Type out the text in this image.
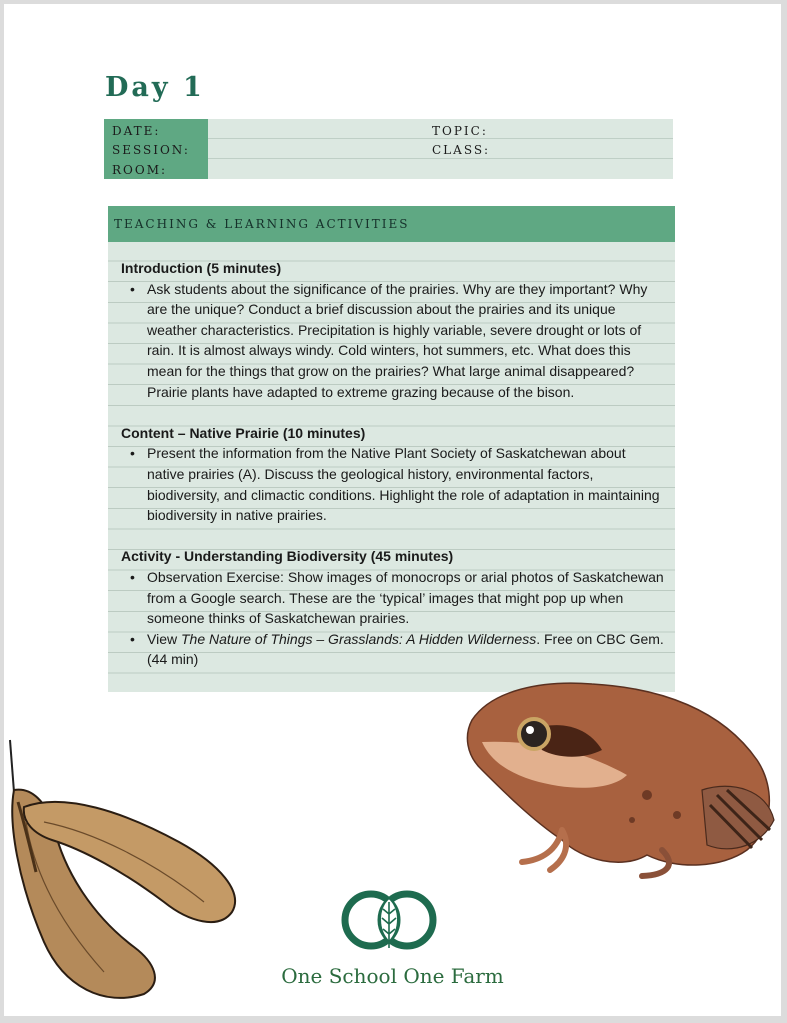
Day 1
DATE:
SESSION:
ROOM:
TOPIC:
CLASS:
TEACHING & LEARNING ACTIVITIES

Introduction (5 minutes)

• Ask students about the significance of the prairies. Why are they important? Why are the unique? Conduct a brief discussion about the prairies and its unique weather characteristics. Precipitation is highly variable, severe drought or lots of rain. It is almost always windy. Cold winters, hot summers, etc. What does this mean for the things that grow on the prairies? What large animal disappeared? Prairie plants have adapted to extreme grazing because of the bison.

Content – Native Prairie (10 minutes)

• Present the information from the Native Plant Society of Saskatchewan about native prairies (A). Discuss the geological history, environmental factors, biodiversity, and climactic conditions. Highlight the role of adaptation in maintaining biodiversity in native prairies.

Activity - Understanding Biodiversity (45 minutes)

• Observation Exercise: Show images of monocrops or arial photos of Saskatchewan from a Google search. These are the ‘typical’ images that might pop up when someone thinks of Saskatchewan prairies.
• View The Nature of Things – Grasslands: A Hidden Wilderness. Free on CBC Gem. (44 min)
One School One Farm
